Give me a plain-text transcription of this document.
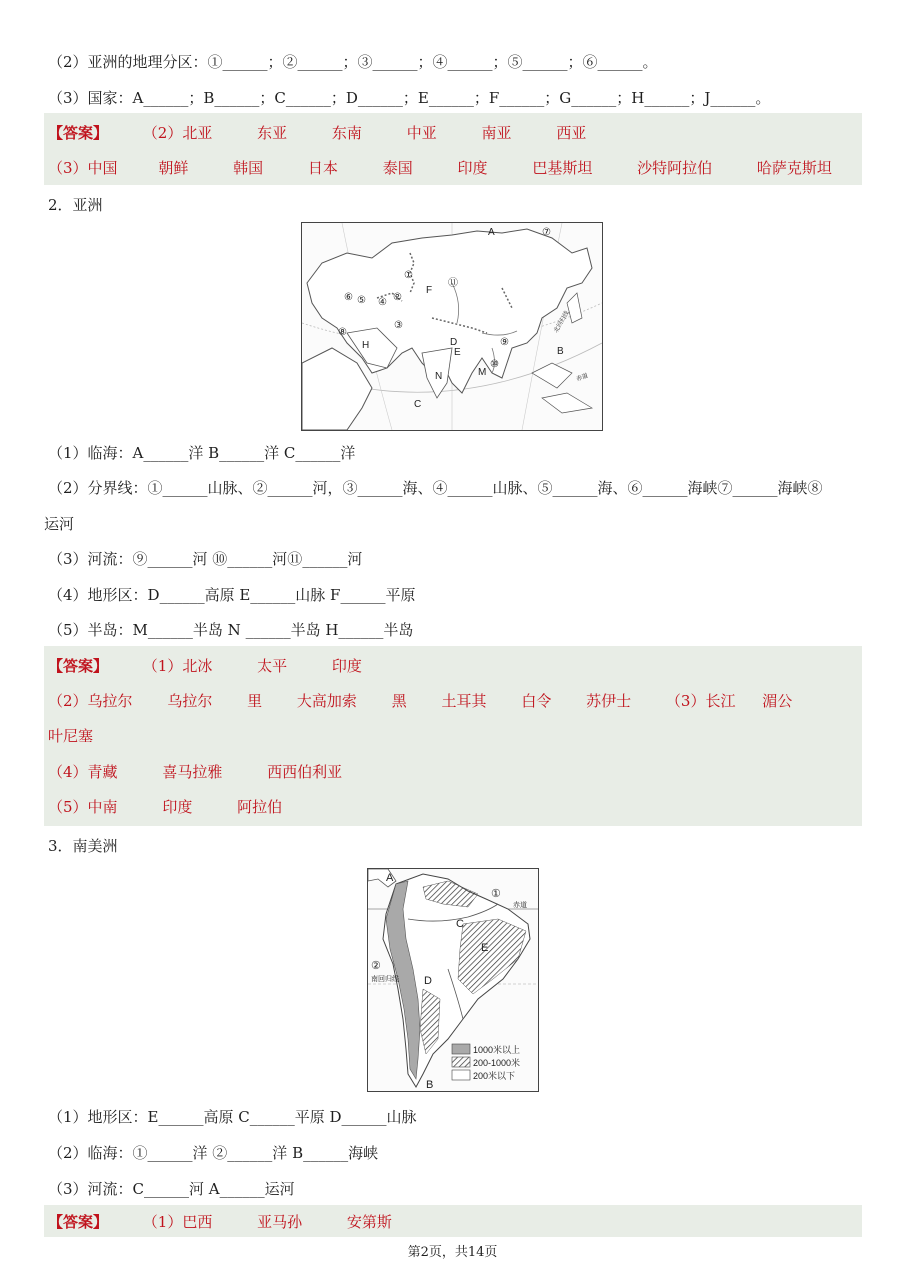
（2）亚洲的地理分区：①______；②______；③______；④______；⑤______；⑥______。
（3）国家：A______；B______；C______；D______；E______；F______；G______；H______；J______。
【答案】 （2）北亚	东亚	东南	中亚	南亚	西亚
（3）中国	朝鲜	韩国	日本	泰国	印度	巴基斯坦	沙特阿拉伯	哈萨克斯坦
2．亚洲
A	⑦
①
F
⑪
⑥ ⑤ ④ ②
③
⑧
H	D
E
⑨
⑩
M
N
B
C
北回归线
赤道
（1）临海：A______洋 B______洋 C______洋
（2）分界线：①______山脉、②______河，③______海、④______山脉、⑤______海、⑥______海峡⑦______海峡⑧
运河
（3）河流：⑨______河 ⑩______河⑪______河
（4）地形区：D______高原 E______山脉 F______平原
（5）半岛：M______半岛 N ______半岛 H______半岛
【答案】 （1）北冰	太平	印度
（2）乌拉尔 乌拉尔 里 大高加索 黑 土耳其 白令 苏伊士 （3）长江 湄公
叶尼塞
（4）青藏	喜马拉雅	西西伯利亚
（5）中南	印度	阿拉伯
3．南美洲
1000米以上
200-1000米
200米以下
A
①
赤道
C
E
②
南回归线 D
B
（1）地形区：E______高原 C______平原 D______山脉
（2）临海：①______洋 ②______洋 B______海峡
（3）河流：C______河 A______运河
【答案】 （1）巴西	亚马孙	安第斯
第2页，共14页
